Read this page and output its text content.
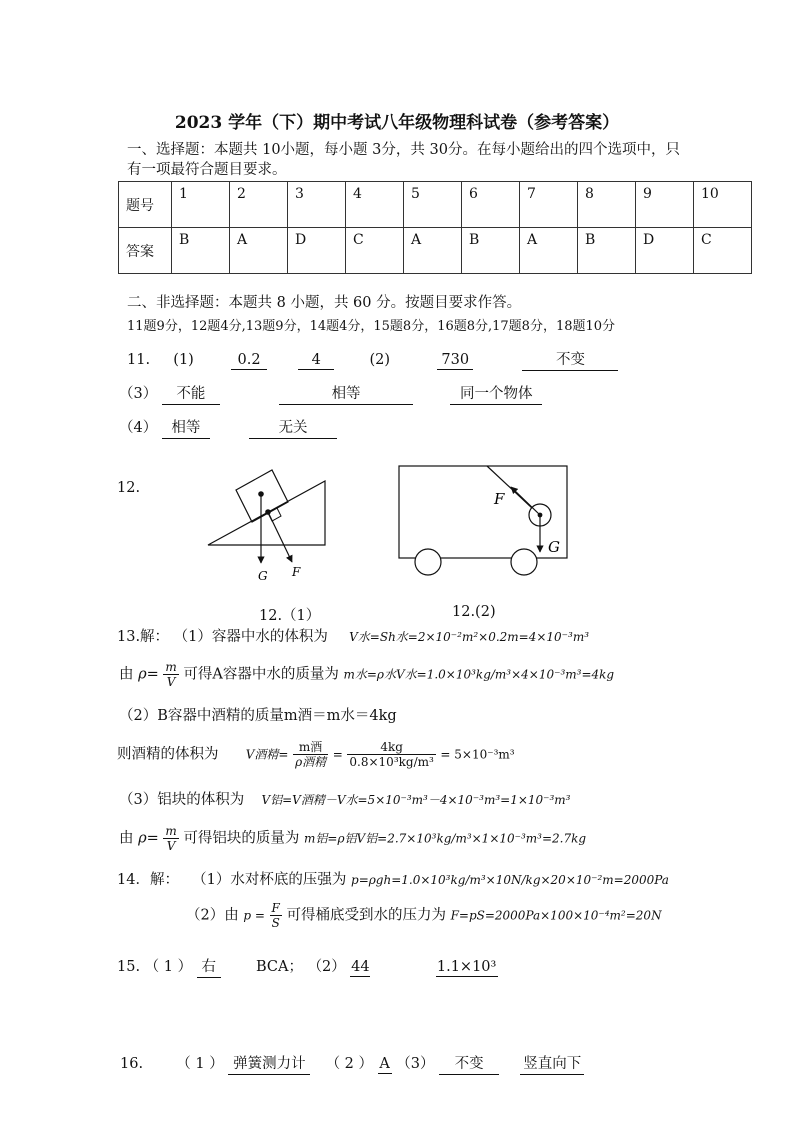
2023 学年（下）期中考试八年级物理科试卷（参考答案）
一、选择题：本题共 10小题，每小题 3分，共 30分。在每小题给出的四个选项中，只有一项最符合题目要求。
题号	1	2	3	4	5	6	7	8	9	10
答案	B	A	D	C	A	B	A	B	D	C
二、非选择题：本题共 8 小题，共 60 分。按题目要求作答。
11题9分，12题4分,13题9分，14题4分，15题8分，16题8分,17题8分，18题10分
11. (1)	0.2	4	(2)	730	不变
（3） 不能	相等	同一个物体
（4） 相等	无关
12.
G F
F
G
12.（1）	12.(2)
13.解： （1）容器中水的体积为 V水=Sh水=2×10⁻²m²×0.2m=4×10⁻³m³
由 $\rho= \frac{m}{V}$ 可得A容器中水的质量为 m水=ρ水V水=1.0×10³kg/m³×4×10⁻³m³=4kg
（2）B容器中酒精的质量m酒＝m水＝4kg
则酒精的体积为 V酒精= $\frac{\text{m酒}}{\text{ρ酒精}} = \frac{4kg}{\text{0.8×10³kg/m³}} = 5\times 10^{-3}m^3$
（3）铝块的体积为 V铝=V酒精－V水=5×10⁻³m³－4×10⁻³m³=1×10⁻³m³
由 $\rho= \frac{m}{V}$ 可得铝块的质量为 m铝=ρ铝V铝=2.7×10³kg/m³×1×10⁻³m³=2.7kg
14．解： （1）水对杯底的压强为 p=ρgh=1.0×10³kg/m³×10N/kg×20×10⁻²m=2000Pa
（2）由 $p = \frac{F}{S}$ 可得桶底受到水的压力为 F=pS=2000Pa×100×10⁻⁴m²=20N
15. （ 1 ） 右	BCA； （2） 44	1.1×10³
16. （ 1 ） 弹簧测力计 （ 2 ） A （3） 不变	竖直向下
